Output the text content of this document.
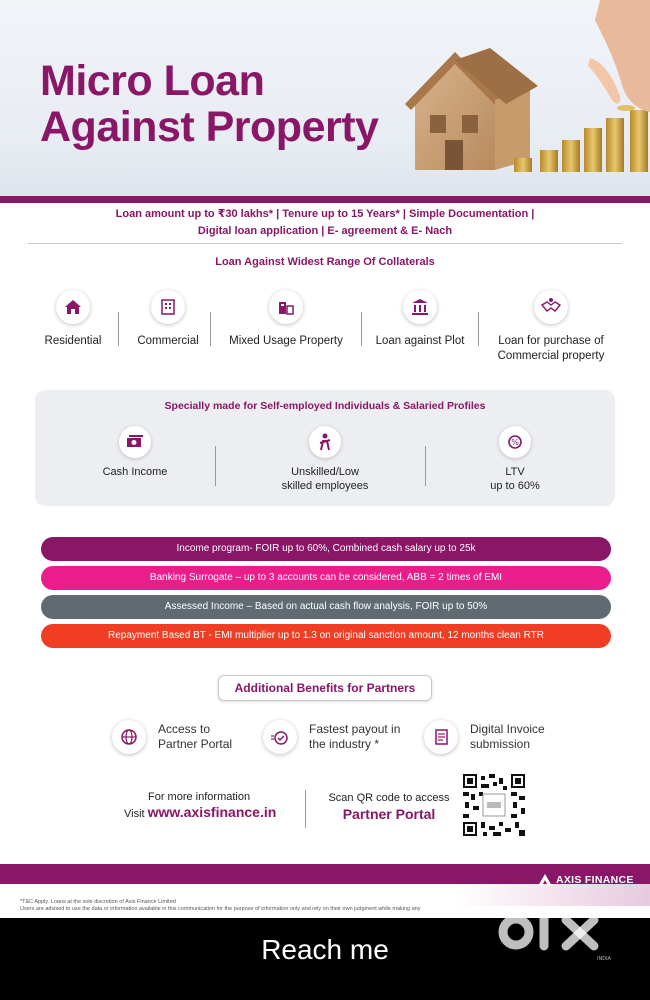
Micro Loan
Against Property
Loan amount up to ₹30 lakhs* | Tenure up to 15 Years* | Simple Documentation |
Digital loan application | E- agreement & E- Nach
Loan Against Widest Range Of Collaterals
Residential	Commercial	Mixed Usage Property	Loan against Plot	Loan for purchase of
Commercial property
Specially made for Self-employed Individuals & Salaried Profiles
Cash Income	Unskilled/Low
skilled employees
%
LTV
up to 60%
Income program- FOIR up to 60%, Combined cash salary up to 25k
Banking Surrogate – up to 3 accounts can be considered, ABB = 2 times of EMI
Assessed Income – Based on actual cash flow analysis, FOIR up to 50%
Repayment Based BT - EMI multiplier up to 1.3 on original sanction amount, 12 months clean RTR
Additional Benefits for Partners
Access to
Partner Portal
Fastest payout in
the industry *
Digital Invoice
submission
For more information
Visit www.axisfinance.in
Scan QR code to access
Partner Portal
AXIS FINANCE
*T&C Apply. Loans at the sole discretion of Axis Finance Limited
Users are advised to use the data or information available in this communication for the purpose of information only and rely on their own judgment while making any
Reach me	INDIA
